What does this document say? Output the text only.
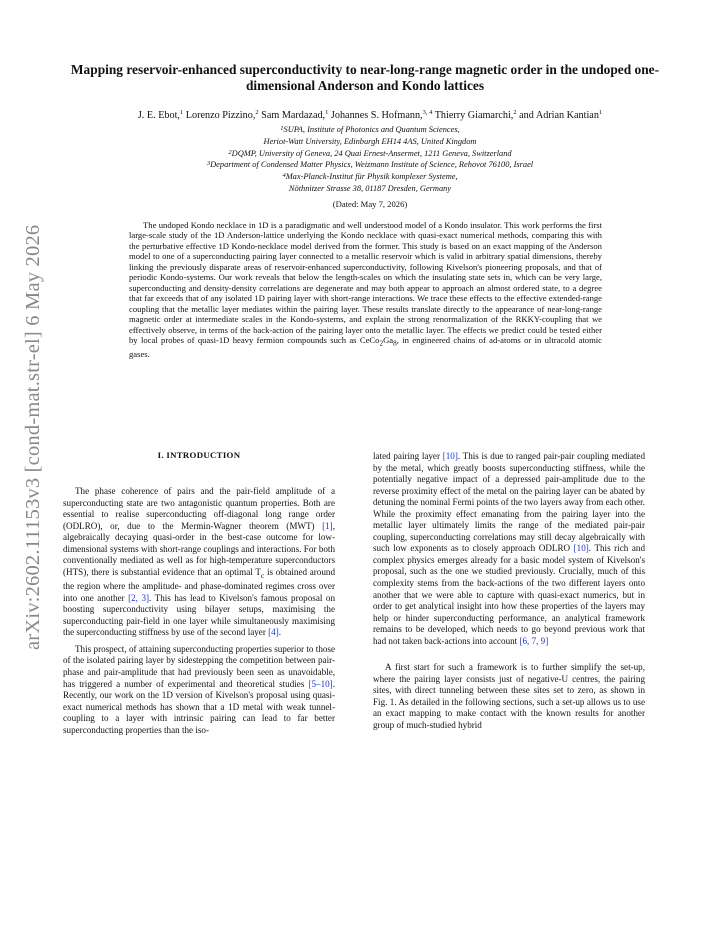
arXiv:2602.11153v3 [cond-mat.str-el] 6 May 2026
Mapping reservoir-enhanced superconductivity to near-long-range magnetic order in the undoped one-dimensional Anderson and Kondo lattices
J. E. Ebot,$^1$ Lorenzo Pizzino,$^2$ Sam Mardazad,$^1$ Johannes S. Hofmann,$^{3, 4}$ Thierry Giamarchi,$^2$ and Adrian Kantian$^1$
$^1$SUPA, Institute of Photonics and Quantum Sciences,
Heriot-Watt University, Edinburgh EH14 4AS, United Kingdom
$^2$DQMP, University of Geneva, 24 Quai Ernest-Ansermet, 1211 Geneva, Switzerland
$^3$Department of Condensed Matter Physics, Weizmann Institute of Science, Rehovot 76100, Israel
$^4$Max-Planck-Institut für Physik komplexer Systeme,
Nöthnitzer Strasse 38, 01187 Dresden, Germany
(Dated: May 7, 2026)
The undoped Kondo necklace in 1D is a paradigmatic and well understood model of a Kondo insulator. This work performs the first large-scale study of the 1D Anderson-lattice underlying the Kondo necklace with quasi-exact numerical methods, comparing this with the perturbative effective 1D Kondo-necklace model derived from the former. This study is based on an exact mapping of the Anderson model to one of a superconducting pairing layer connected to a metallic reservoir which is valid in arbitrary spatial dimensions, thereby linking the previously disparate areas of reservoir-enhanced superconductivity, following Kivelson's pioneering proposals, and that of periodic Kondo-systems. Our work reveals that below the length-scales on which the insulating state sets in, which can be very large, superconducting and density-density correlations are degenerate and may both appear to approach an almost ordered state, to a degree that far exceeds that of any isolated 1D pairing layer with short-range interactions. We trace these effects to the effective extended-range coupling that the metallic layer mediates within the pairing layer. These results translate directly to the appearance of near-long-range magnetic order at intermediate scales in the Kondo-systems, and explain the strong renormalization of the RKKY-coupling that we effectively observe, in terms of the back-action of the pairing layer onto the metallic layer. The effects we predict could be tested either by local probes of quasi-1D heavy fermion compounds such as $CeCo_2Ga_8$, in engineered chains of ad-atoms or in ultracold atomic gases.
I. INTRODUCTION

The phase coherence of pairs and the pair-field amplitude of a superconducting state are two antagonistic quantum properties. Both are essential to realise superconducting off-diagonal long range order (ODLRO), or, due to the Mermin-Wagner theorem (MWT) [1], algebraically decaying quasi-order in the best-case outcome for low-dimensional systems with short-range couplings and interactions. For both conventionally mediated as well as for high-temperature superconductors (HTS), there is substantial evidence that an optimal $T_c$ is obtained around the region where the amplitude- and phase-dominated regimes cross over into one another [2, 3]. This has lead to Kivelson's famous proposal on boosting superconductivity using bilayer setups, maximising the superconducting pair-field in one layer while simultaneously maximising the superconducting stiffness by use of the second layer [4].

This prospect, of attaining superconducting properties superior to those of the isolated pairing layer by sidestepping the competition between pair-phase and pair-amplitude that had previously been seen as unavoidable, has triggered a number of experimental and theoretical studies [5–10]. Recently, our work on the 1D version of Kivelson's proposal using quasi-exact numerical methods has shown that a 1D metal with weak tunnel-coupling to a layer with intrinsic pairing can lead to far better superconducting properties than the iso-

lated pairing layer [10]. This is due to ranged pair-pair coupling mediated by the metal, which greatly boosts superconducting stiffness, while the potentially negative impact of a depressed pair-amplitude due to the reverse proximity effect of the metal on the pairing layer can be abated by detuning the nominal Fermi points of the two layers away from each other. While the proximity effect emanating from the pairing layer into the metallic layer ultimately limits the range of the mediated pair-pair coupling, superconducting correlations may still decay algebraically with such low exponents as to closely approach ODLRO [10]. This rich and complex physics emerges already for a basic model system of Kivelson's proposal, such as the one we studied previously. Crucially, much of this complexity stems from the back-actions of the two different layers onto another that we were able to capture with quasi-exact numerics, but in order to get analytical insight into how these properties of the layers may help or hinder superconducting performance, an analytical framework remains to be developed, which needs to go beyond previous work that had not taken back-actions into account [6, 7, 9]

A first start for such a framework is to further simplify the set-up, where the pairing layer consists just of negative-U centres, the pairing sites, with direct tunneling between these sites set to zero, as shown in Fig. 1. As detailed in the following sections, such a set-up allows us to use an exact mapping to make contact with the known results for another group of much-studied hybrid
